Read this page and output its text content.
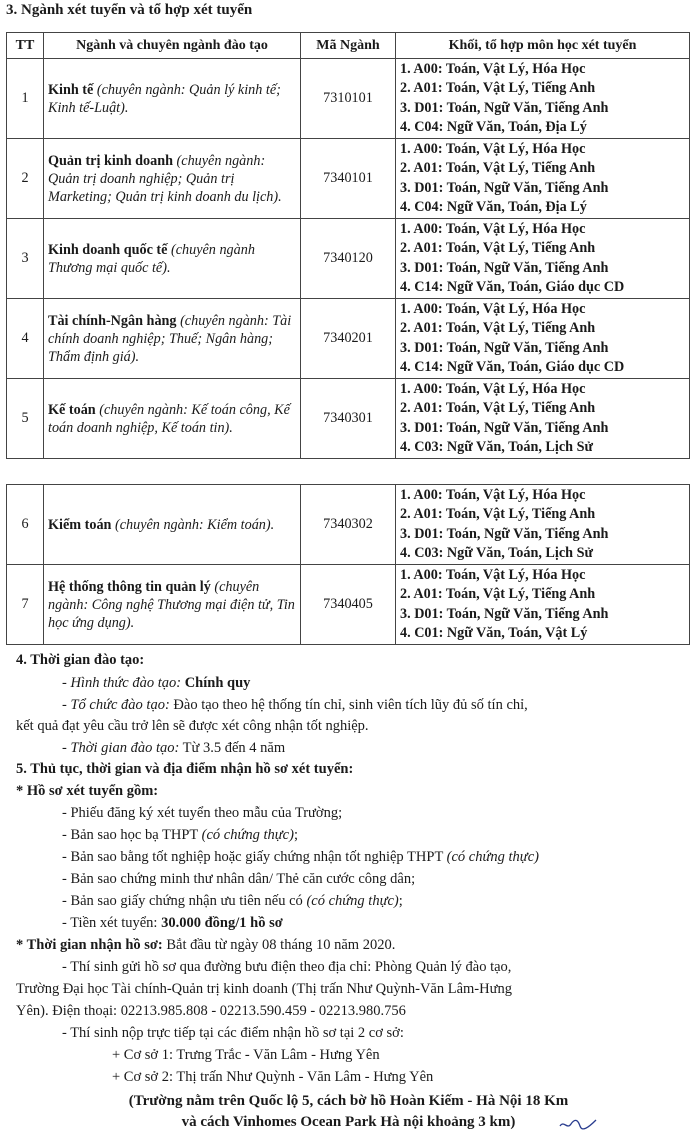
3. Ngành xét tuyển và tổ hợp xét tuyển
TT	Ngành và chuyên ngành đào tạo	Mã Ngành	Khối, tổ hợp môn học xét tuyển
1	Kinh tế (chuyên ngành: Quản lý kinh tế; Kinh tế-Luật).	7310101	1. A00: Toán, Vật Lý, Hóa Học
2. A01: Toán, Vật Lý, Tiếng Anh
3. D01: Toán, Ngữ Văn, Tiếng Anh
4. C04: Ngữ Văn, Toán, Địa Lý

2	Quản trị kinh doanh (chuyên ngành: Quản trị doanh nghiệp; Quản trị Marketing; Quản trị kinh doanh du lịch).	7340101	1. A00: Toán, Vật Lý, Hóa Học
2. A01: Toán, Vật Lý, Tiếng Anh
3. D01: Toán, Ngữ Văn, Tiếng Anh
4. C04: Ngữ Văn, Toán, Địa Lý

3	Kinh doanh quốc tế (chuyên ngành Thương mại quốc tế).	7340120	1. A00: Toán, Vật Lý, Hóa Học
2. A01: Toán, Vật Lý, Tiếng Anh
3. D01: Toán, Ngữ Văn, Tiếng Anh
4. C14: Ngữ Văn, Toán, Giáo dục CD

4	Tài chính-Ngân hàng (chuyên ngành: Tài chính doanh nghiệp; Thuế; Ngân hàng; Thẩm định giá).	7340201	1. A00: Toán, Vật Lý, Hóa Học
2. A01: Toán, Vật Lý, Tiếng Anh
3. D01: Toán, Ngữ Văn, Tiếng Anh
4. C14: Ngữ Văn, Toán, Giáo dục CD

5	Kế toán (chuyên ngành: Kế toán công, Kế toán doanh nghiệp, Kế toán tin).	7340301	1. A00: Toán, Vật Lý, Hóa Học
2. A01: Toán, Vật Lý, Tiếng Anh
3. D01: Toán, Ngữ Văn, Tiếng Anh
4. C03: Ngữ Văn, Toán, Lịch Sử
6	Kiểm toán (chuyên ngành: Kiểm toán).	7340302	1. A00: Toán, Vật Lý, Hóa Học
2. A01: Toán, Vật Lý, Tiếng Anh
3. D01: Toán, Ngữ Văn, Tiếng Anh
4. C03: Ngữ Văn, Toán, Lịch Sử

7	Hệ thống thông tin quản lý (chuyên ngành: Công nghệ Thương mại điện tử, Tin học ứng dụng).	7340405	1. A00: Toán, Vật Lý, Hóa Học
2. A01: Toán, Vật Lý, Tiếng Anh
3. D01: Toán, Ngữ Văn, Tiếng Anh
4. C01: Ngữ Văn, Toán, Vật Lý
4. Thời gian đào tạo:
- Hình thức đào tạo: Chính quy
- Tổ chức đào tạo: Đào tạo theo hệ thống tín chỉ, sinh viên tích lũy đủ số tín chỉ,
kết quả đạt yêu cầu trở lên sẽ được xét công nhận tốt nghiệp.
- Thời gian đào tạo: Từ 3.5 đến 4 năm
5. Thủ tục, thời gian và địa điểm nhận hồ sơ xét tuyển:
* Hồ sơ xét tuyển gồm:
- Phiếu đăng ký xét tuyển theo mẫu của Trường;
- Bản sao học bạ THPT (có chứng thực);
- Bản sao bằng tốt nghiệp hoặc giấy chứng nhận tốt nghiệp THPT (có chứng thực)
- Bản sao chứng minh thư nhân dân/ Thẻ căn cước công dân;
- Bản sao giấy chứng nhận ưu tiên nếu có (có chứng thực);
- Tiền xét tuyển: 30.000 đồng/1 hồ sơ
* Thời gian nhận hồ sơ: Bắt đầu từ ngày 08 tháng 10 năm 2020.
- Thí sinh gửi hồ sơ qua đường bưu điện theo địa chỉ: Phòng Quản lý đào tạo,
Trường Đại học Tài chính-Quản trị kinh doanh (Thị trấn Như Quỳnh-Văn Lâm-Hưng
Yên). Điện thoại: 02213.985.808 - 02213.590.459 - 02213.980.756
- Thí sinh nộp trực tiếp tại các điểm nhận hồ sơ tại 2 cơ sở:
+ Cơ sở 1: Trưng Trắc - Văn Lâm - Hưng Yên
+ Cơ sở 2: Thị trấn Như Quỳnh - Văn Lâm - Hưng Yên
(Trường nằm trên Quốc lộ 5, cách bờ hồ Hoàn Kiếm - Hà Nội 18 Km
và cách Vinhomes Ocean Park Hà nội khoảng 3 km)
